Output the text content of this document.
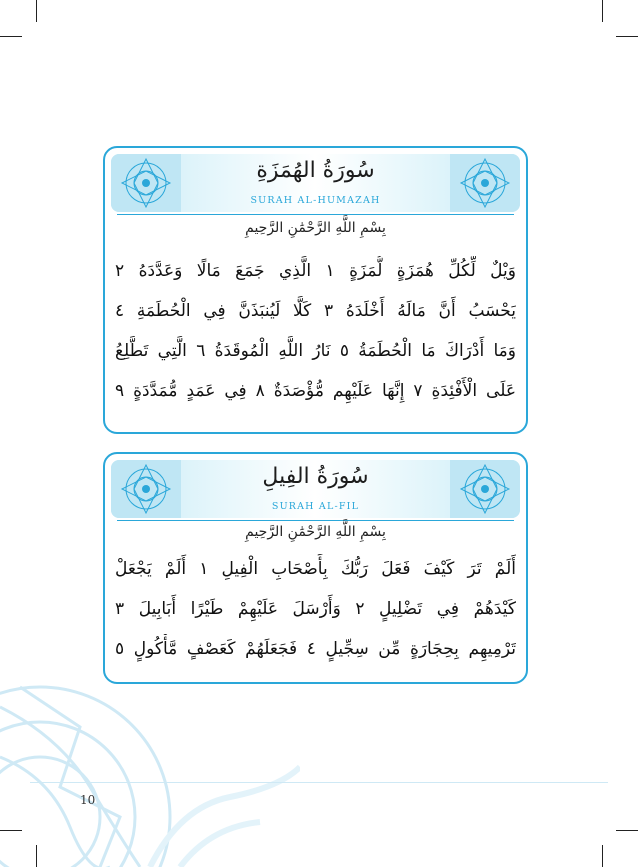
سُورَةُ الهُمَزَةِ
SURAH AL-HUMAZAH
بِسْمِ اللَّهِ الرَّحْمَٰنِ الرَّحِيمِ
وَيْلٌ لِّكُلِّ هُمَزَةٍ لُّمَزَةٍ ١ الَّذِي جَمَعَ مَالًا وَعَدَّدَهُ ٢
يَحْسَبُ أَنَّ مَالَهُ أَخْلَدَهُ ٣ كَلَّا لَيُنبَذَنَّ فِي الْحُطَمَةِ ٤
وَمَا أَدْرَاكَ مَا الْحُطَمَةُ ٥ نَارُ اللَّهِ الْمُوقَدَةُ ٦ الَّتِي تَطَّلِعُ
عَلَى الْأَفْئِدَةِ ٧ إِنَّهَا عَلَيْهِم مُّؤْصَدَةٌ ٨ فِي عَمَدٍ مُّمَدَّدَةٍ ٩
سُورَةُ الفِيلِ
SURAH AL-FIL
بِسْمِ اللَّهِ الرَّحْمَٰنِ الرَّحِيمِ
أَلَمْ تَرَ كَيْفَ فَعَلَ رَبُّكَ بِأَصْحَابِ الْفِيلِ ١ أَلَمْ يَجْعَلْ
كَيْدَهُمْ فِي تَضْلِيلٍ ٢ وَأَرْسَلَ عَلَيْهِمْ طَيْرًا أَبَابِيلَ ٣
تَرْمِيهِم بِحِجَارَةٍ مِّن سِجِّيلٍ ٤ فَجَعَلَهُمْ كَعَصْفٍ مَّأْكُولٍ ٥
10
